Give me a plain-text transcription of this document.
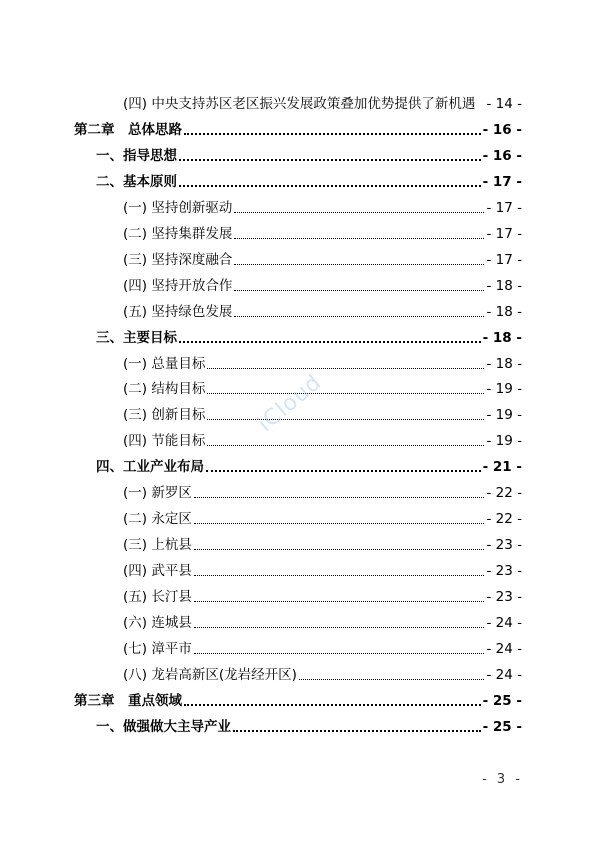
(四) 中央支持苏区老区振兴发展政策叠加优势提供了新机遇 - 14 -
第二章　总体思路	- 16 -
一、指导思想	- 16 -
二、基本原则	- 17 -
(一) 坚持创新驱动	- 17 -
(二) 坚持集群发展	- 17 -
(三) 坚持深度融合	- 17 -
(四) 坚持开放合作	- 18 -
(五) 坚持绿色发展	- 18 -
三、主要目标	- 18 -
(一) 总量目标	- 18 -
(二) 结构目标	- 19 -
(三) 创新目标	- 19 -
(四) 节能目标	- 19 -
四、工业产业布局	- 21 -
(一) 新罗区	- 22 -
(二) 永定区	- 22 -
(三) 上杭县	- 23 -
(四) 武平县	- 23 -
(五) 长汀县	- 23 -
(六) 连城县	- 24 -
(七) 漳平市	- 24 -
(八) 龙岩高新区(龙岩经开区)	- 24 -
第三章　重点领域	- 25 -
一、做强做大主导产业	- 25 -
iCloud
- 3 -
